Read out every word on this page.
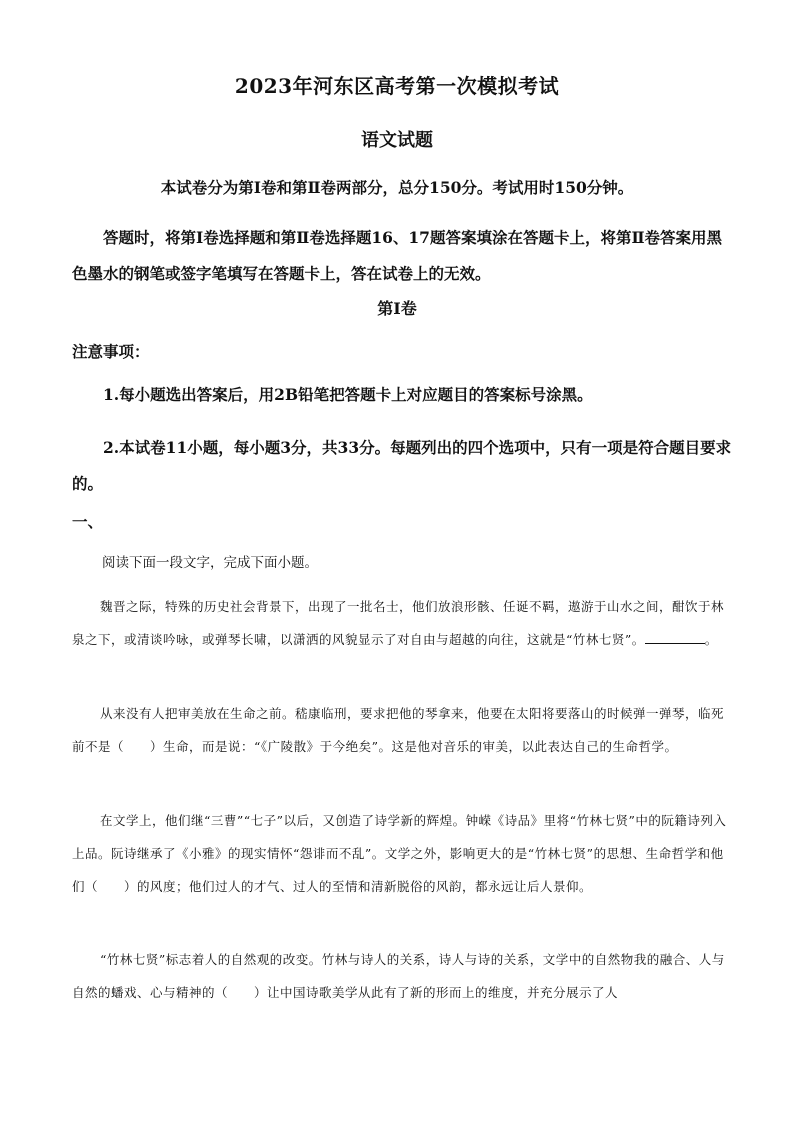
2023年河东区高考第一次模拟考试
语文试题
本试卷分为第Ⅰ卷和第Ⅱ卷两部分，总分150分。考试用时150分钟。
答题时，将第Ⅰ卷选择题和第Ⅱ卷选择题16、17题答案填涂在答题卡上，将第Ⅱ卷答案用黑色墨水的钢笔或签字笔填写在答题卡上，答在试卷上的无效。
第Ⅰ卷
注意事项：
1.每小题选出答案后，用2B铅笔把答题卡上对应题目的答案标号涂黑。
2.本试卷11小题，每小题3分，共33分。每题列出的四个选项中，只有一项是符合题目要求的。
一、
阅读下面一段文字，完成下面小题。
魏晋之际，特殊的历史社会背景下，出现了一批名士，他们放浪形骸、任诞不羁，遨游于山水之间，酣饮于林泉之下，或清谈吟咏，或弹琴长啸，以潇洒的风貌显示了对自由与超越的向往，这就是“竹林七贤”。	。
从来没有人把审美放在生命之前。嵇康临刑，要求把他的琴拿来，他要在太阳将要落山的时候弹一弹琴，临死前不是（　　）生命，而是说：“《广陵散》于今绝矣”。这是他对音乐的审美，以此表达自己的生命哲学。
在文学上，他们继“三曹”“七子”以后，又创造了诗学新的辉煌。钟嵘《诗品》里将“竹林七贤”中的阮籍诗列入上品。阮诗继承了《小雅》的现实情怀“怨诽而不乱”。文学之外，影响更大的是“竹林七贤”的思想、生命哲学和他们（　　）的风度；他们过人的才气、过人的至情和清新脱俗的风韵，都永远让后人景仰。
“竹林七贤”标志着人的自然观的改变。竹林与诗人的关系，诗人与诗的关系，文学中的自然物我的融合、人与自然的蟠戏、心与精神的（　　）让中国诗歌美学从此有了新的形而上的维度，并充分展示了人
